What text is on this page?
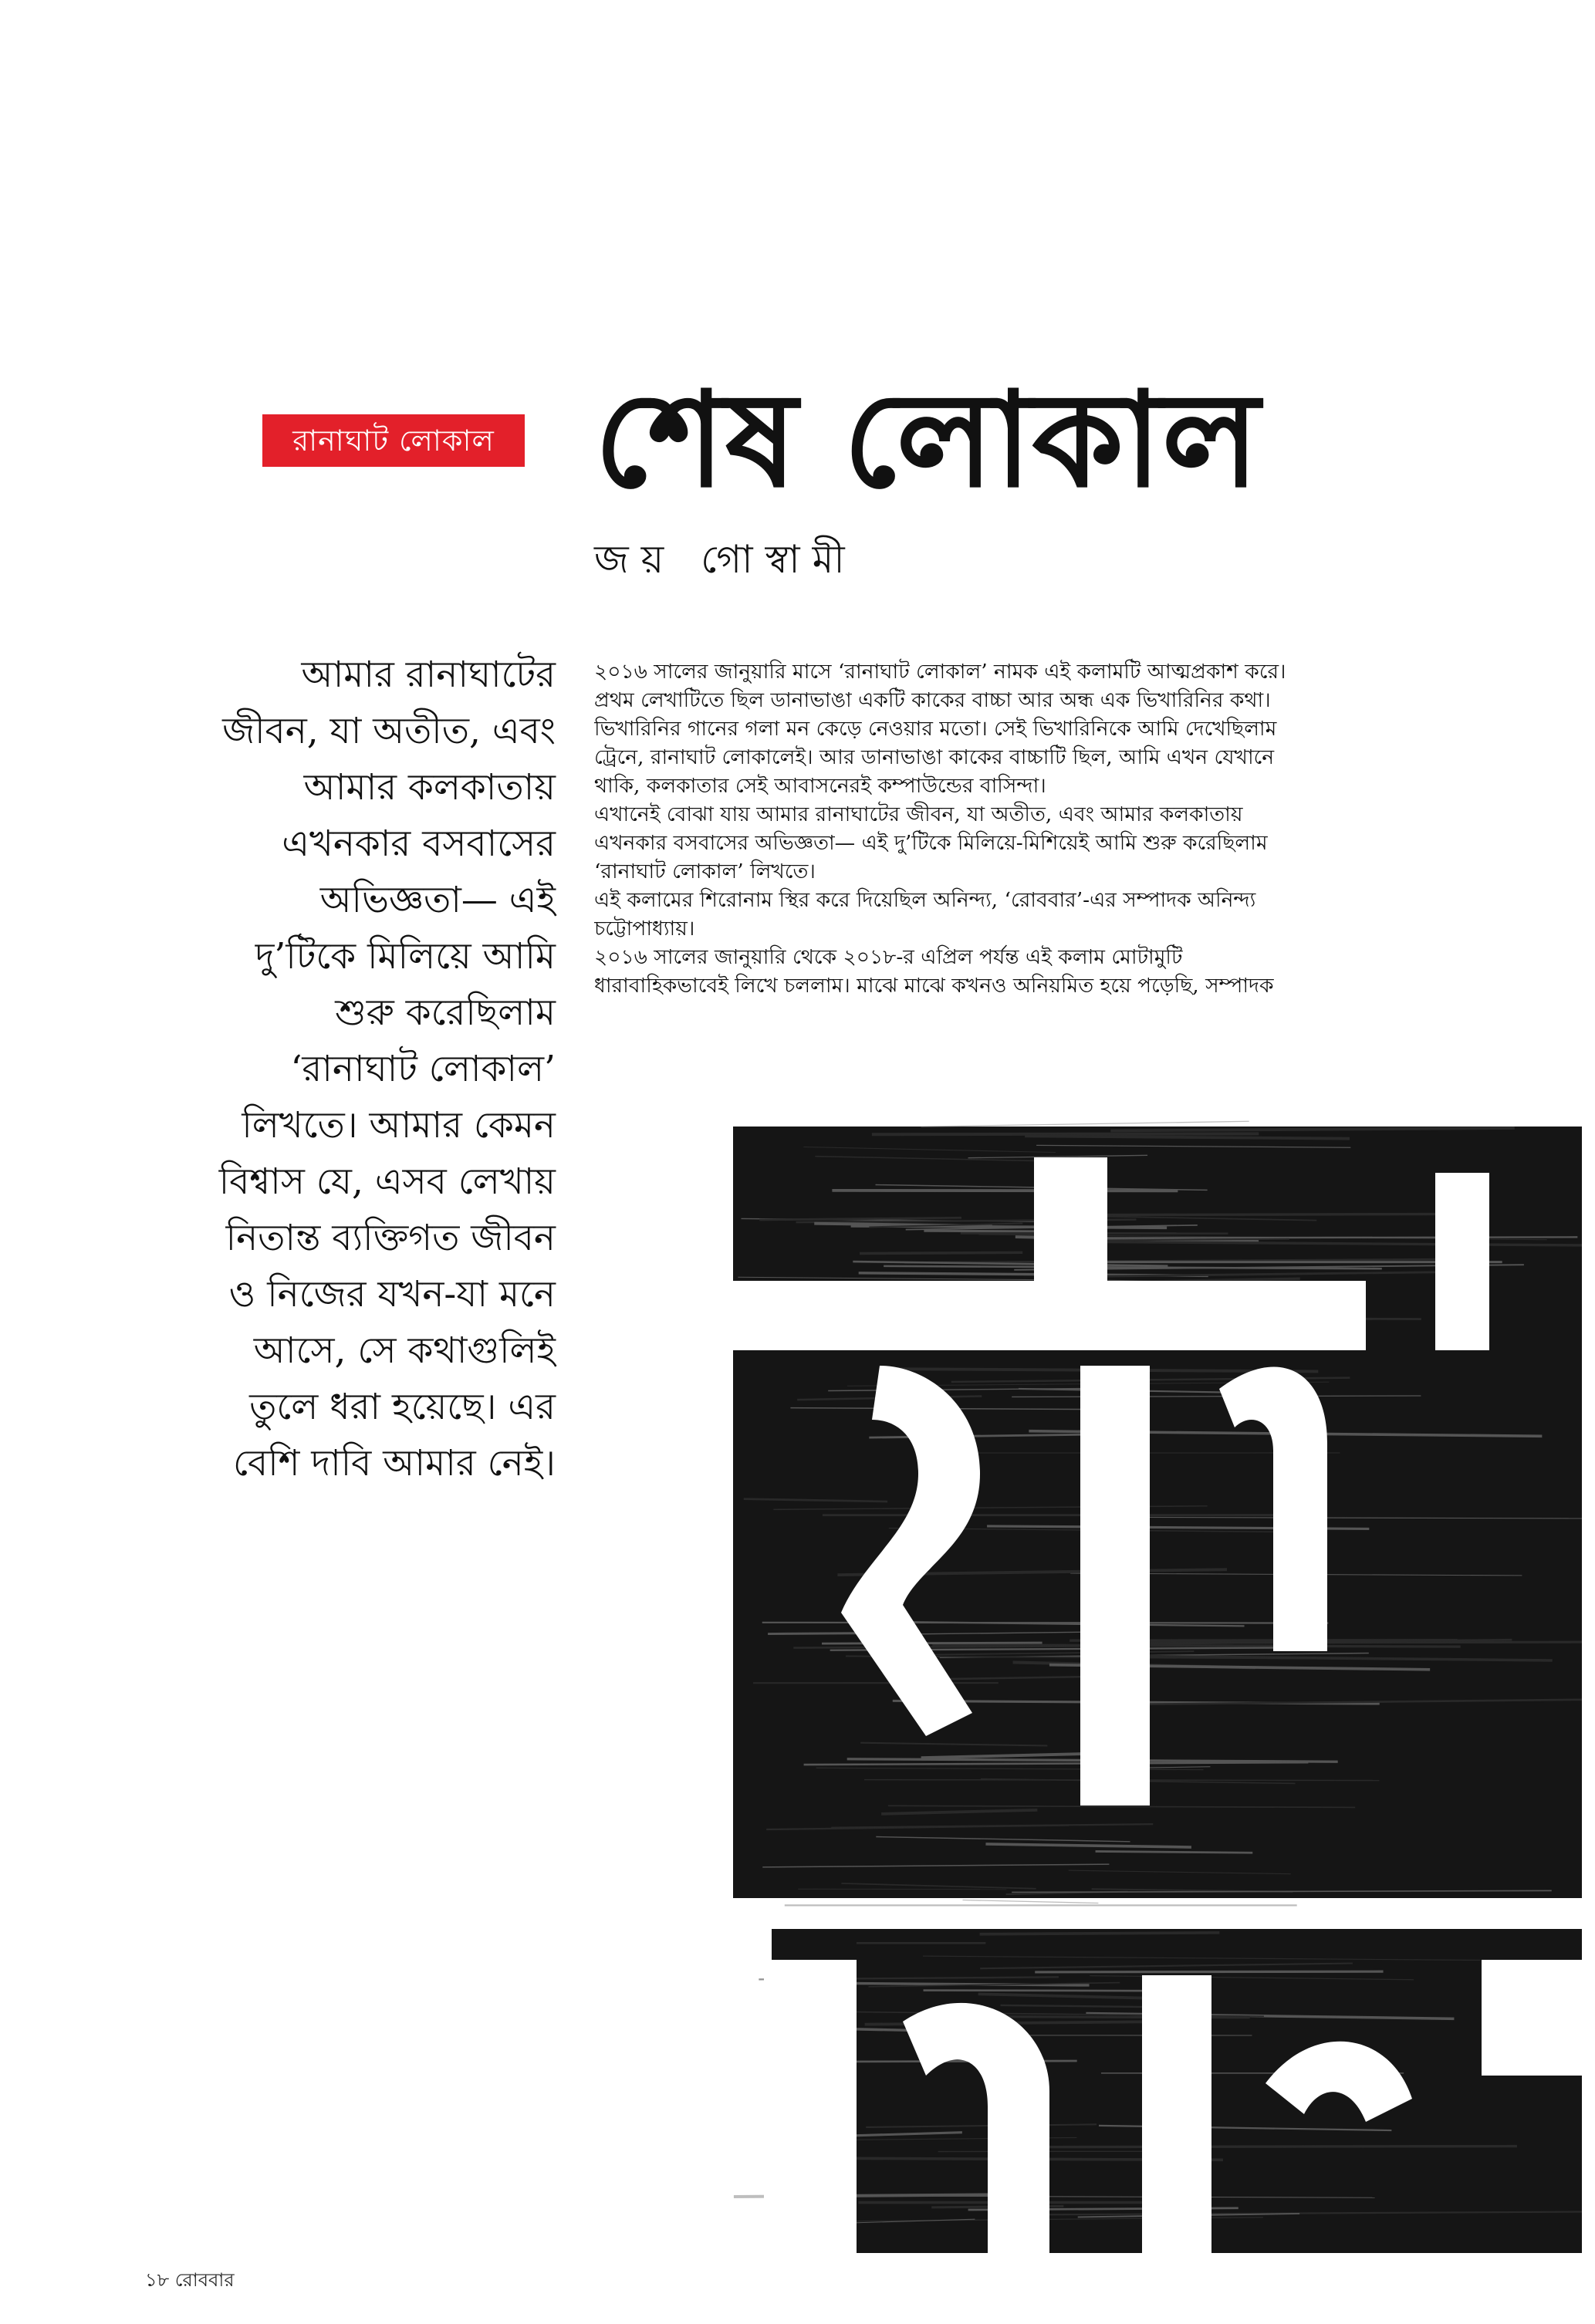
রানাঘাট লোকাল শেষ লোকাল
জয় গোস্বামী
আমার রানাঘাটের
জীবন, যা অতীত, এবং
আমার কলকাতায়
এখনকার বসবাসের
অভিজ্ঞতা— এই
দু’টিকে মিলিয়ে আমি
শুরু করেছিলাম
‘রানাঘাট লোকাল’
লিখতে। আমার কেমন
বিশ্বাস যে, এসব লেখায়
নিতান্ত ব্যক্তিগত জীবন
ও নিজের যখন-যা মনে
আসে, সে কথাগুলিই
তুলে ধরা হয়েছে। এর
বেশি দাবি আমার নেই।
২০১৬ সালের জানুয়ারি মাসে ‘রানাঘাট লোকাল’ নামক এই কলামটি আত্মপ্রকাশ করে।
প্রথম লেখাটিতে ছিল ডানাভাঙা একটি কাকের বাচ্চা আর অন্ধ এক ভিখারিনির কথা।
ভিখারিনির গানের গলা মন কেড়ে নেওয়ার মতো। সেই ভিখারিনিকে আমি দেখেছিলাম
ট্রেনে, রানাঘাট লোকালেই। আর ডানাভাঙা কাকের বাচ্চাটি ছিল, আমি এখন যেখানে
থাকি, কলকাতার সেই আবাসনেরই কম্পাউন্ডের বাসিন্দা।
এখানেই বোঝা যায় আমার রানাঘাটের জীবন, যা অতীত, এবং আমার কলকাতায়
এখনকার বসবাসের অভিজ্ঞতা— এই দু’টিকে মিলিয়ে-মিশিয়েই আমি শুরু করেছিলাম
‘রানাঘাট লোকাল’ লিখতে।
এই কলামের শিরোনাম স্থির করে দিয়েছিল অনিন্দ্য, ‘রোববার’-এর সম্পাদক অনিন্দ্য
চট্টোপাধ্যায়।
২০১৬ সালের জানুয়ারি থেকে ২০১৮-র এপ্রিল পর্যন্ত এই কলাম মোটামুটি
ধারাবাহিকভাবেই লিখে চললাম। মাঝে মাঝে কখনও অনিয়মিত হয়ে পড়েছি, সম্পাদক
১৮ রোববার
